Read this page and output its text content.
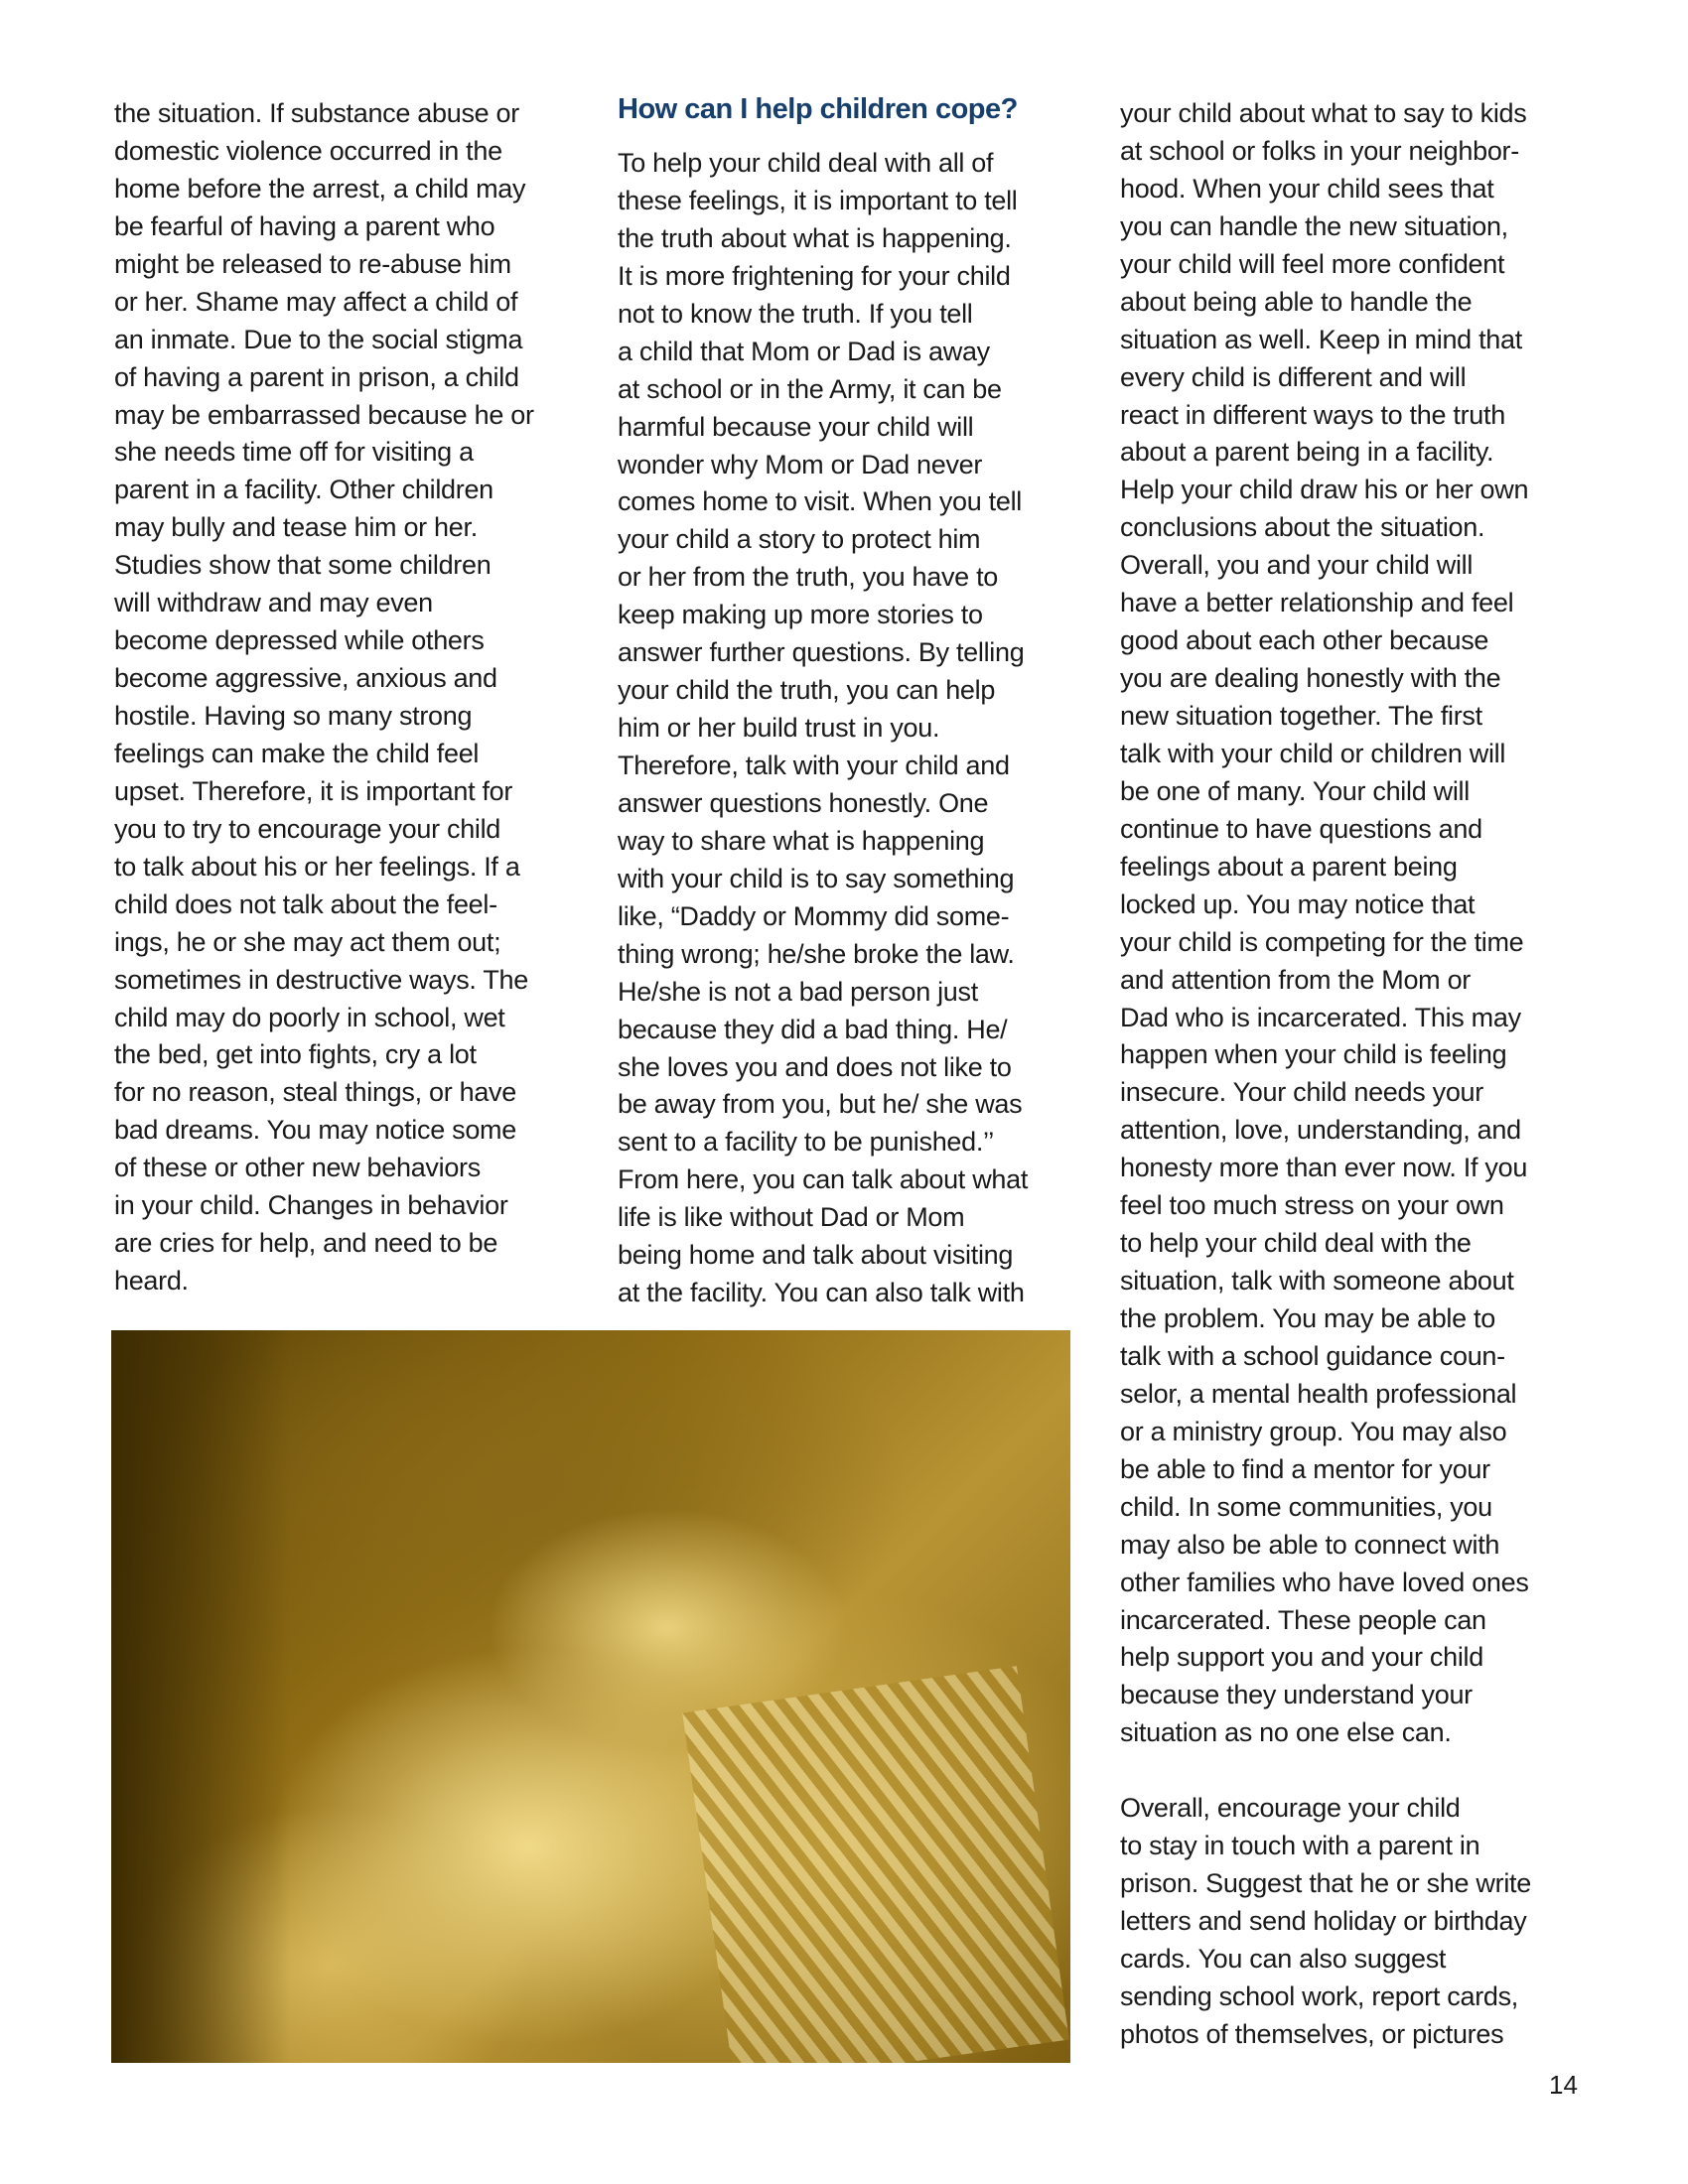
the situation. If substance abuse or
domestic violence occurred in the
home before the arrest, a child may
be fearful of having a parent who
might be released to re-abuse him
or her. Shame may affect a child of
an inmate. Due to the social stigma
of having a parent in prison, a child
may be embarrassed because he or
she needs time off for visiting a
parent in a facility. Other children
may bully and tease him or her.
Studies show that some children
will withdraw and may even
become depressed while others
become aggressive, anxious and
hostile. Having so many strong
feelings can make the child feel
upset. Therefore, it is important for
you to try to encourage your child
to talk about his or her feelings. If a
child does not talk about the feel-
ings, he or she may act them out;
sometimes in destructive ways. The
child may do poorly in school, wet
the bed, get into fights, cry a lot
for no reason, steal things, or have
bad dreams. You may notice some
of these or other new behaviors
in your child. Changes in behavior
are cries for help, and need to be
heard.
How can I help children cope?
To help your child deal with all of
these feelings, it is important to tell
the truth about what is happening.
It is more frightening for your child
not to know the truth. If you tell
a child that Mom or Dad is away
at school or in the Army, it can be
harmful because your child will
wonder why Mom or Dad never
comes home to visit. When you tell
your child a story to protect him
or her from the truth, you have to
keep making up more stories to
answer further questions. By telling
your child the truth, you can help
him or her build trust in you.
Therefore, talk with your child and
answer questions honestly. One
way to share what is happening
with your child is to say something
like, “Daddy or Mommy did some-
thing wrong; he/she broke the law.
He/she is not a bad person just
because they did a bad thing. He/
she loves you and does not like to
be away from you, but he/ she was
sent to a facility to be punished.’’
From here, you can talk about what
life is like without Dad or Mom
being home and talk about visiting
at the facility. You can also talk with
your child about what to say to kids
at school or folks in your neighbor-
hood. When your child sees that
you can handle the new situation,
your child will feel more confident
about being able to handle the
situation as well. Keep in mind that
every child is different and will
react in different ways to the truth
about a parent being in a facility.
Help your child draw his or her own
conclusions about the situation.
Overall, you and your child will
have a better relationship and feel
good about each other because
you are dealing honestly with the
new situation together. The first
talk with your child or children will
be one of many. Your child will
continue to have questions and
feelings about a parent being
locked up. You may notice that
your child is competing for the time
and attention from the Mom or
Dad who is incarcerated. This may
happen when your child is feeling
insecure. Your child needs your
attention, love, understanding, and
honesty more than ever now. If you
feel too much stress on your own
to help your child deal with the
situation, talk with someone about
the problem. You may be able to
talk with a school guidance coun-
selor, a mental health professional
or a ministry group. You may also
be able to find a mentor for your
child. In some communities, you
may also be able to connect with
other families who have loved ones
incarcerated. These people can
help support you and your child
because they understand your
situation as no one else can.
Overall, encourage your child
to stay in touch with a parent in
prison. Suggest that he or she write
letters and send holiday or birthday
cards. You can also suggest
sending school work, report cards,
photos of themselves, or pictures
14
